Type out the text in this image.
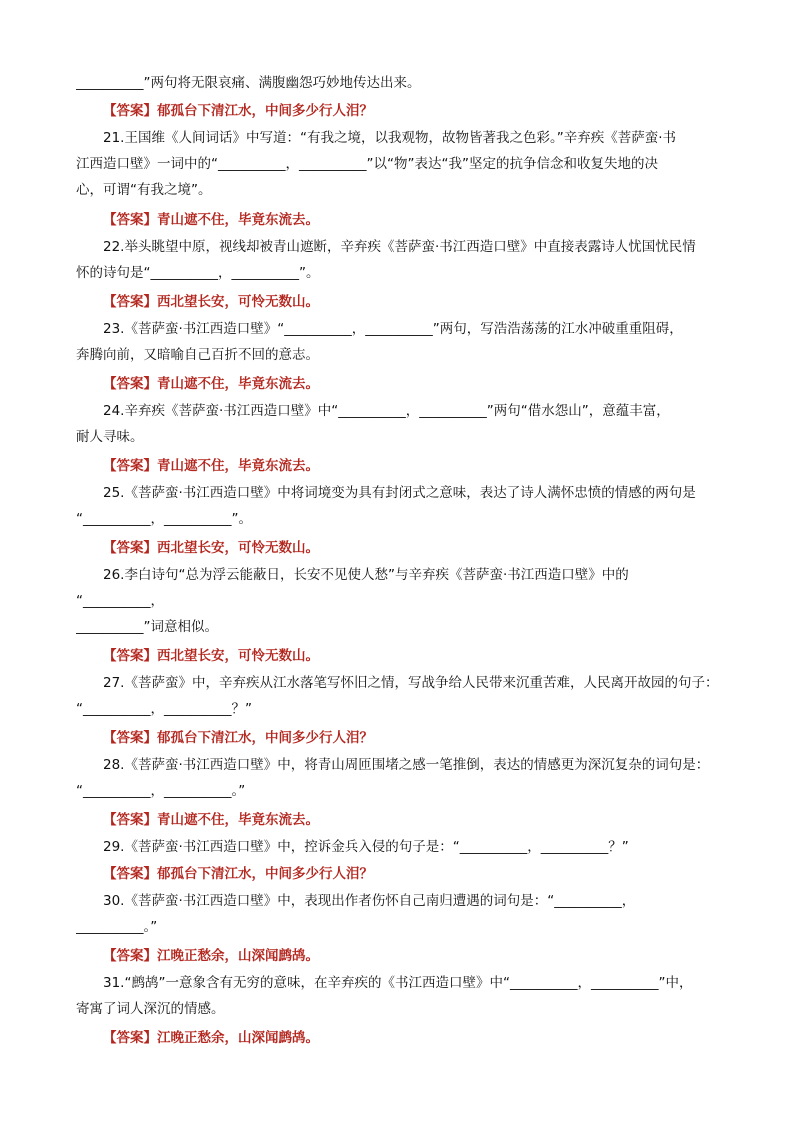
__________”两句将无限哀痛、满腹幽怨巧妙地传达出来。
【答案】郁孤台下清江水，中间多少行人泪？
21.王国维《人间词话》中写道：“有我之境，以我观物，故物皆著我之色彩。”辛弃疾《菩萨蛮·书
江西造口壁》一词中的“__________，__________”以“物”表达“我”坚定的抗争信念和收复失地的决
心，可谓“有我之境”。
【答案】青山遮不住，毕竟东流去。
22.举头眺望中原，视线却被青山遮断，辛弃疾《菩萨蛮·书江西造口壁》中直接表露诗人忧国忧民情
怀的诗句是“__________，__________”。
【答案】西北望长安，可怜无数山。
23.《菩萨蛮·书江西造口壁》“__________，__________”两句，写浩浩荡荡的江水冲破重重阻碍，
奔腾向前，又暗喻自己百折不回的意志。
【答案】青山遮不住，毕竟东流去。
24.辛弃疾《菩萨蛮·书江西造口壁》中“__________，__________”两句“借水怨山”，意蕴丰富，
耐人寻味。
【答案】青山遮不住，毕竟东流去。
25.《菩萨蛮·书江西造口壁》中将词境变为具有封闭式之意味，表达了诗人满怀忠愤的情感的两句是
“__________，__________”。
【答案】西北望长安，可怜无数山。
26.李白诗句“总为浮云能蔽日，长安不见使人愁”与辛弃疾《菩萨蛮·书江西造口壁》中的
“__________，
__________”词意相似。
【答案】西北望长安，可怜无数山。
27.《菩萨蛮》中，辛弃疾从江水落笔写怀旧之情，写战争给人民带来沉重苦难，人民离开故园的句子：
“__________，__________？”
【答案】郁孤台下清江水，中间多少行人泪？
28.《菩萨蛮·书江西造口壁》中，将青山周匝围堵之感一笔推倒，表达的情感更为深沉复杂的词句是：
“__________，__________。”
【答案】青山遮不住，毕竟东流去。
29.《菩萨蛮·书江西造口壁》中，控诉金兵入侵的句子是：“__________，__________？”
【答案】郁孤台下清江水，中间多少行人泪？
30.《菩萨蛮·书江西造口壁》中，表现出作者伤怀自己南归遭遇的词句是：“__________，
__________。”
【答案】江晚正愁余，山深闻鹧鸪。
31.“鹧鸪”一意象含有无穷的意味，在辛弃疾的《书江西造口壁》中“__________，__________”中，
寄寓了词人深沉的情感。
【答案】江晚正愁余，山深闻鹧鸪。
